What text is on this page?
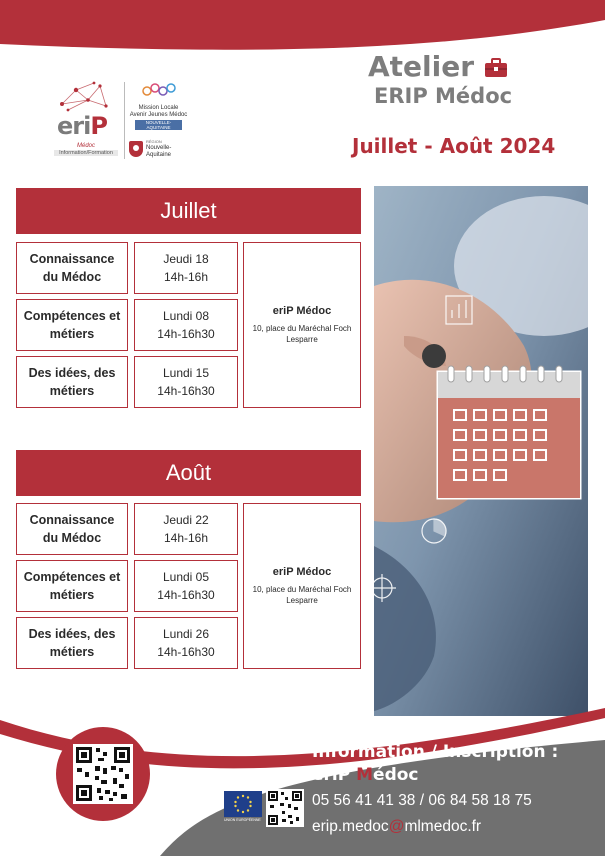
eriP
Médoc
Information/Formation
Mission Locale
Avenir Jeunes Médoc
NOUVELLE-AQUITAINE
RÉGION
Nouvelle-
Aquitaine
Atelier
ERIP Médoc
Juillet - Août 2024
Juillet
Connaissance
du Médoc
Jeudi 18
14h-16h
Compétences et
métiers
Lundi 08
14h-16h30
Des idées, des
métiers
Lundi 15
14h-16h30
eriP Médoc
10, place du Maréchal Foch
Lesparre
Août
Connaissance
du Médoc
Jeudi 22
14h-16h
Compétences et
métiers
Lundi 05
14h-16h30
Des idées, des
métiers
Lundi 26
14h-16h30
eriP Médoc
10, place du Maréchal Foch
Lesparre
Information / Inscription :
eriP Médoc
UNION EUROPÉENNE
05 56 41 41 38 / 06 84 58 18 75
erip.medoc@mlmedoc.fr
